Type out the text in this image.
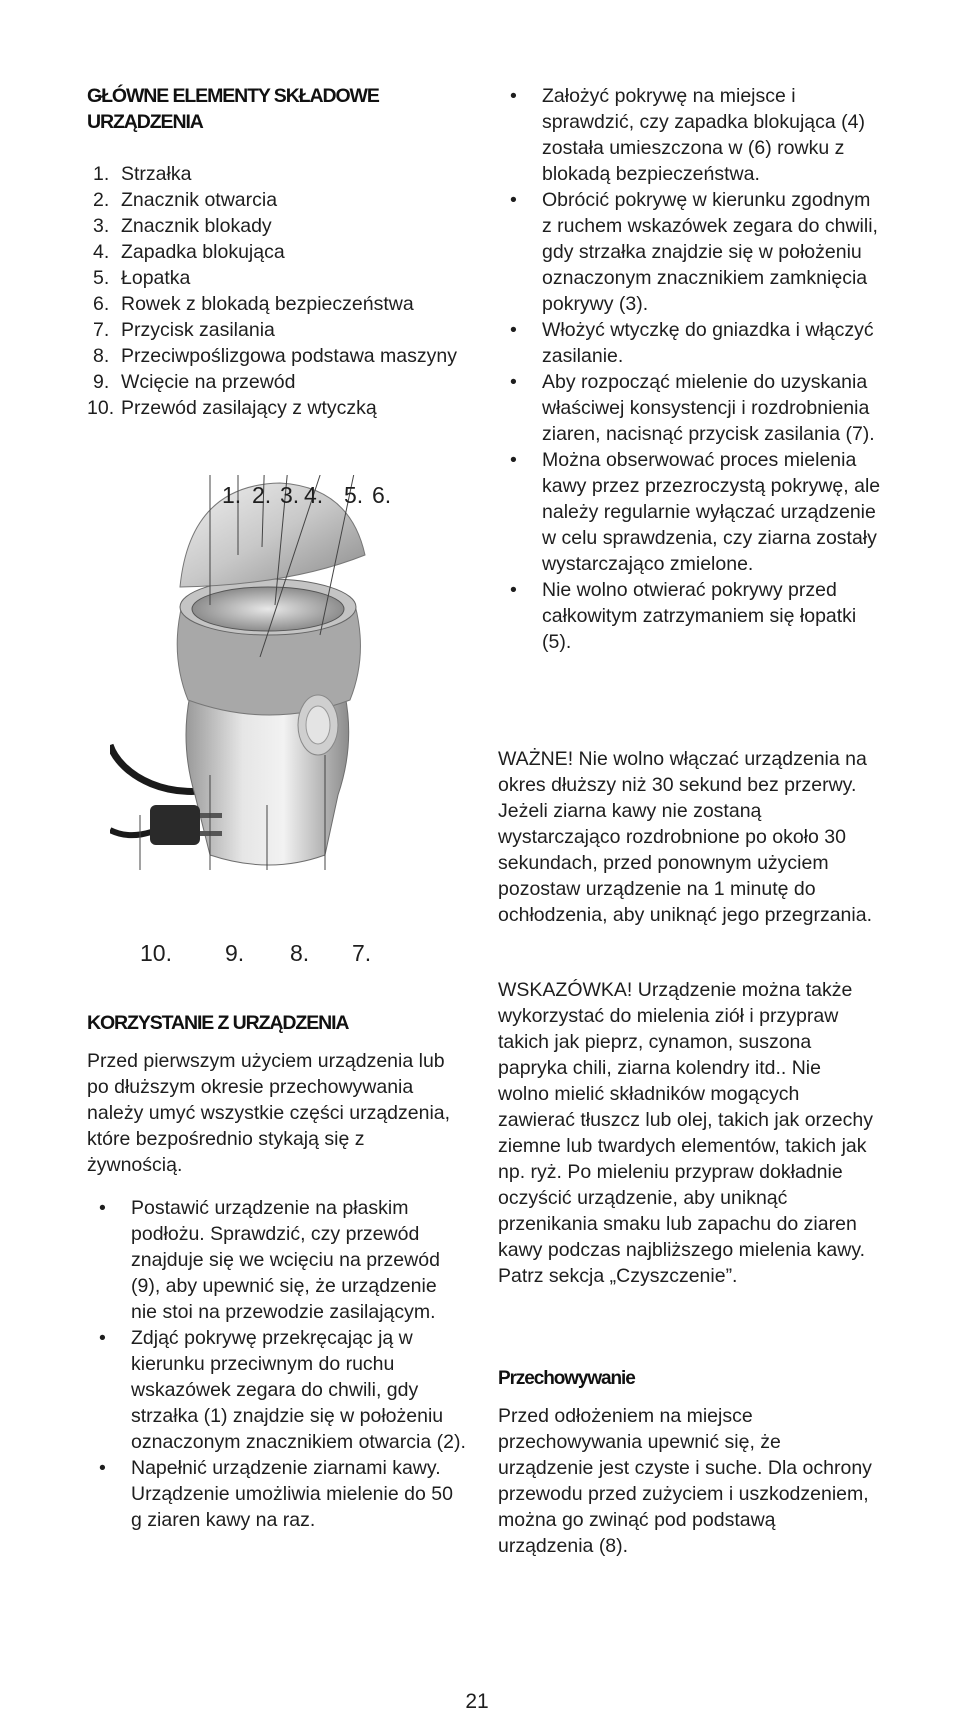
GŁÓWNE ELEMENTY SKŁADOWE
URZĄDZENIA
1. Strzałka
2. Znacznik otwarcia
3. Znacznik blokady
4. Zapadka blokująca
5. Łopatka
6. Rowek z blokadą bezpieczeństwa
7. Przycisk zasilania
8. Przeciwpoślizgowa podstawa maszyny
9. Wcięcie na przewód
10. Przewód zasilający z wtyczką
KORZYSTANIE Z URZĄDZENIA

Przed pierwszym użyciem urządzenia lub po dłuższym okresie przechowywania należy umyć wszystkie części urządzenia, które bezpośrednio stykają się z żywnością.

• Postawić urządzenie na płaskim podłożu. Sprawdzić, czy przewód znajduje się we wcięciu na przewód (9), aby upewnić się, że urządzenie nie stoi na przewodzie zasilającym.
• Zdjąć pokrywę przekręcając ją w kierunku przeciwnym do ruchu wskazówek zegara do chwili, gdy strzałka (1) znajdzie się w położeniu oznaczonym znacznikiem otwarcia (2).
• Napełnić urządzenie ziarnami kawy. Urządzenie umożliwia mielenie do 50 g ziaren kawy na raz.
1. 2. 3. 4. 5. 6.
10. 9. 8. 7.
• Założyć pokrywę na miejsce i sprawdzić, czy zapadka blokująca (4) została umieszczona w (6) rowku z blokadą bezpieczeństwa.
• Obrócić pokrywę w kierunku zgodnym z ruchem wskazówek zegara do chwili, gdy strzałka znajdzie się w położeniu oznaczonym znacznikiem zamknięcia pokrywy (3).
• Włożyć wtyczkę do gniazdka i włączyć zasilanie.
• Aby rozpocząć mielenie do uzyskania właściwej konsystencji i rozdrobnienia ziaren, nacisnąć przycisk zasilania (7).
• Można obserwować proces mielenia kawy przez przezroczystą pokrywę, ale należy regularnie wyłączać urządzenie w celu sprawdzenia, czy ziarna zostały wystarczająco zmielone.
• Nie wolno otwierać pokrywy przed całkowitym zatrzymaniem się łopatki (5).

WAŻNE! Nie wolno włączać urządzenia na okres dłuższy niż 30 sekund bez przerwy. Jeżeli ziarna kawy nie zostaną wystarczająco rozdrobnione po około 30 sekundach, przed ponownym użyciem pozostaw urządzenie na 1 minutę do ochłodzenia, aby uniknąć jego przegrzania.

WSKAZÓWKA! Urządzenie można także wykorzystać do mielenia ziół i przypraw takich jak pieprz, cynamon, suszona papryka chili, ziarna kolendry itd.. Nie wolno mielić składników mogących zawierać tłuszcz lub olej, takich jak orzechy ziemne lub twardych elementów, takich jak np. ryż. Po mieleniu przypraw dokładnie oczyścić urządzenie, aby uniknąć przenikania smaku lub zapachu do ziaren kawy podczas najbliższego mielenia kawy. Patrz sekcja „Czyszczenie”.

Przechowywanie

Przed odłożeniem na miejsce przechowywania upewnić się, że urządzenie jest czyste i suche. Dla ochrony przewodu przed zużyciem i uszkodzeniem, można go zwinąć pod podstawą urządzenia (8).

21
